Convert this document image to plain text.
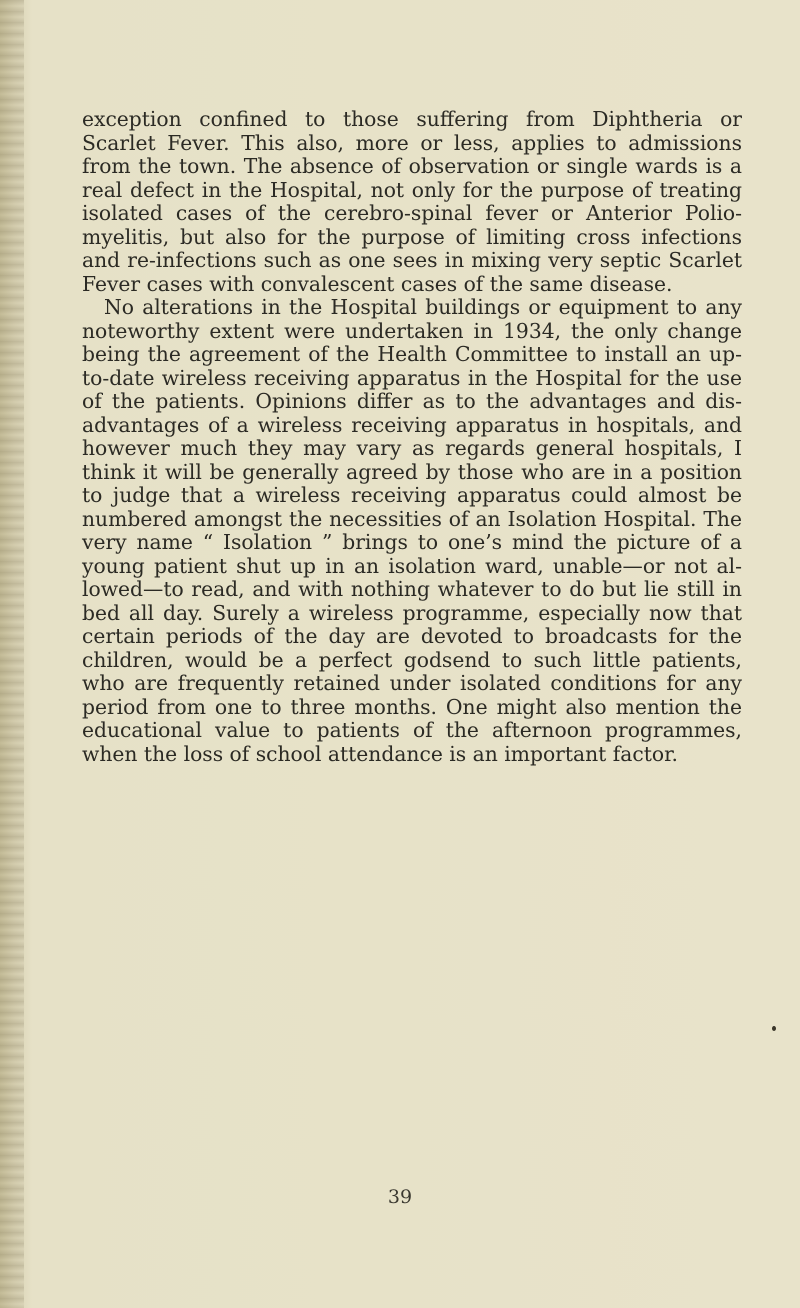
exception confined to those suffering from Diphtheria or Scarlet Fever. This also, more or less, applies to admissions from the town. The absence of observation or single wards is a real defect in the Hospital, not only for the purpose of treating isolated cases of the cerebro-spinal fever or Anterior Polio-myelitis, but also for the purpose of limiting cross infections and re-infections such as one sees in mixing very septic Scarlet Fever cases with convalescent cases of the same disease.

No alterations in the Hospital buildings or equipment to any noteworthy extent were undertaken in 1934, the only change being the agreement of the Health Committee to install an up-to-date wireless receiving apparatus in the Hospital for the use of the patients. Opinions differ as to the advantages and dis-advantages of a wireless receiving apparatus in hospitals, and however much they may vary as regards general hospitals, I think it will be generally agreed by those who are in a position to judge that a wireless receiving apparatus could almost be numbered amongst the necessities of an Isolation Hospital. The very name “ Isolation ” brings to one’s mind the picture of a young patient shut up in an isolation ward, unable—or not al-lowed—to read, and with nothing whatever to do but lie still in bed all day. Surely a wireless programme, especially now that certain periods of the day are devoted to broadcasts for the children, would be a perfect godsend to such little patients, who are frequently retained under isolated conditions for any period from one to three months. One might also mention the educational value to patients of the afternoon programmes, when the loss of school attendance is an important factor.

39
